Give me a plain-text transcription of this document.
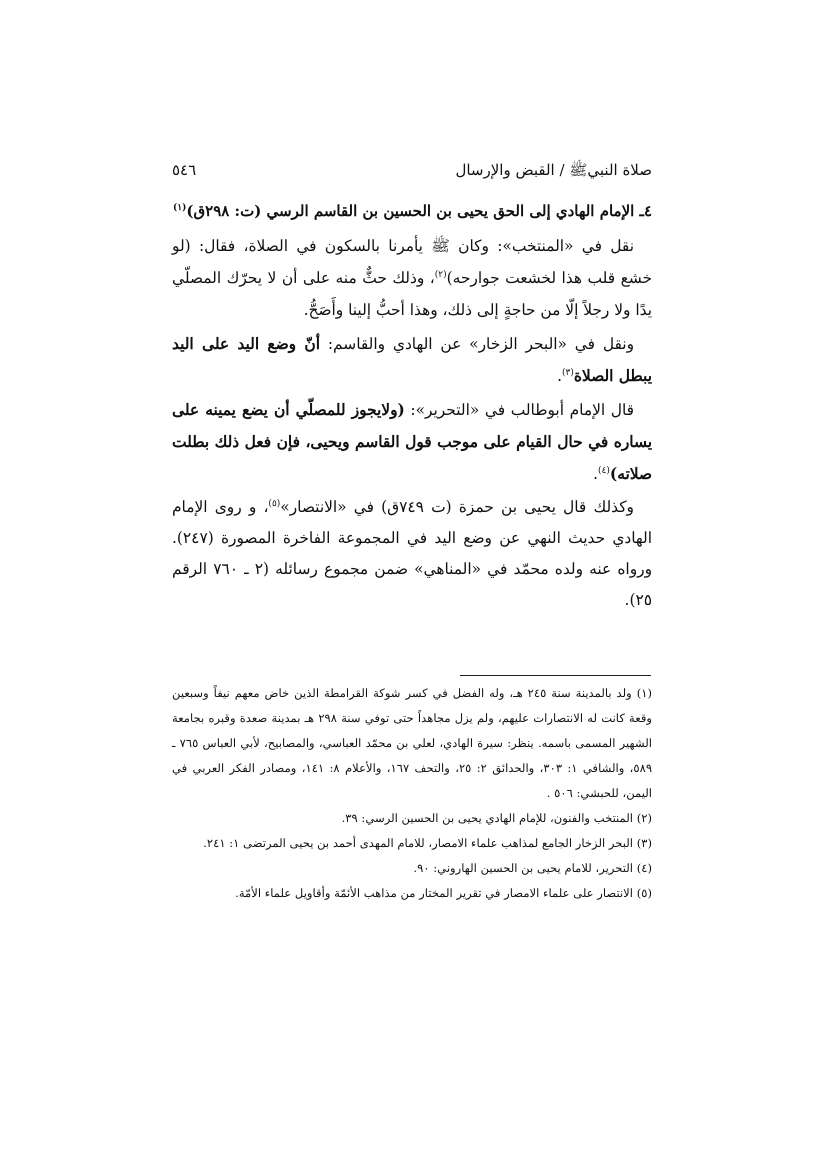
صلاة النبيﷺ / القبض والإرسال
٥٤٦

٤ـ الإمام الهادي إلى الحق يحيى بن الحسين بن القاسم الرسي (ت: ٢٩٨ق)$^{(١)}$

نقل في «المنتخب»: وكان ﷺ يأمرنا بالسكون في الصلاة، فقال: (لو خشع قلب هذا لخشعت جوارحه)$^{(٢)}$، وذلك حثٌّ منه على أن لا يحرّك المصلّي يدًا ولا رجلاً إلّا من حاجةٍ إلى ذلك، وهذا أحبُّ إلينا وأَصَحُّ.

ونقل في «البحر الزخار» عن الهادي والقاسم: أنّ وضع اليد على اليد يبطل الصلاة$^{(٣)}$.

قال الإمام أبوطالب في «التحرير»: (ولايجوز للمصلّي أن يضع يمينه على يساره في حال القيام على موجب قول القاسم ويحيى، فإن فعل ذلك بطلت صلاته)$^{(٤)}$.

وكذلك قال يحيى بن حمزة (ت ٧٤٩ق) في «الانتصار»$^{(٥)}$، و روى الإمام الهادي حديث النهي عن وضع اليد في المجموعة الفاخرة المصورة (٢٤٧). ورواه عنه ولده محمّد في «المناهي» ضمن مجموع رسائله (٢ ـ ٧٦٠ الرقم ٢٥).

(١) ولد بالمدينة سنة ٢٤٥ هـ، وله الفضل في كسر شوكة القرامطة الذين خاض معهم نيفاً وسبعين وقعة كانت له الانتصارات عليهم، ولم يزل مجاهداً حتى توفي سنة ٢٩٨ هـ بمدينة صعدة وقبره بجامعة الشهير المسمى باسمه. ينظر: سيرة الهادي، لعلي بن محمّد العباسي، والمصابيح، لأبي العباس ٧٦٥ ـ ٥٨٩، والشافي ١: ٣٠٣، والحدائق ٢: ٢٥، والتحف ١٦٧، والأعلام ٨: ١٤١، ومصادر الفكر العربي في اليمن، للحبشي: ٥٠٦ .

(٢) المنتخب والفنون، للإمام الهادي يحيى بن الحسين الرسي: ٣٩.

(٣) البحر الزخار الجامع لمذاهب علماء الامصار، للامام المهدى أحمد بن يحيى المرتضى ١: ٢٤١.

(٤) التحرير، للامام يحيى بن الحسين الهاروني: ٩٠.

(٥) الانتصار على علماء الامصار في تقرير المختار من مذاهب الأئمّة وأقاويل علماء الأمّة.
